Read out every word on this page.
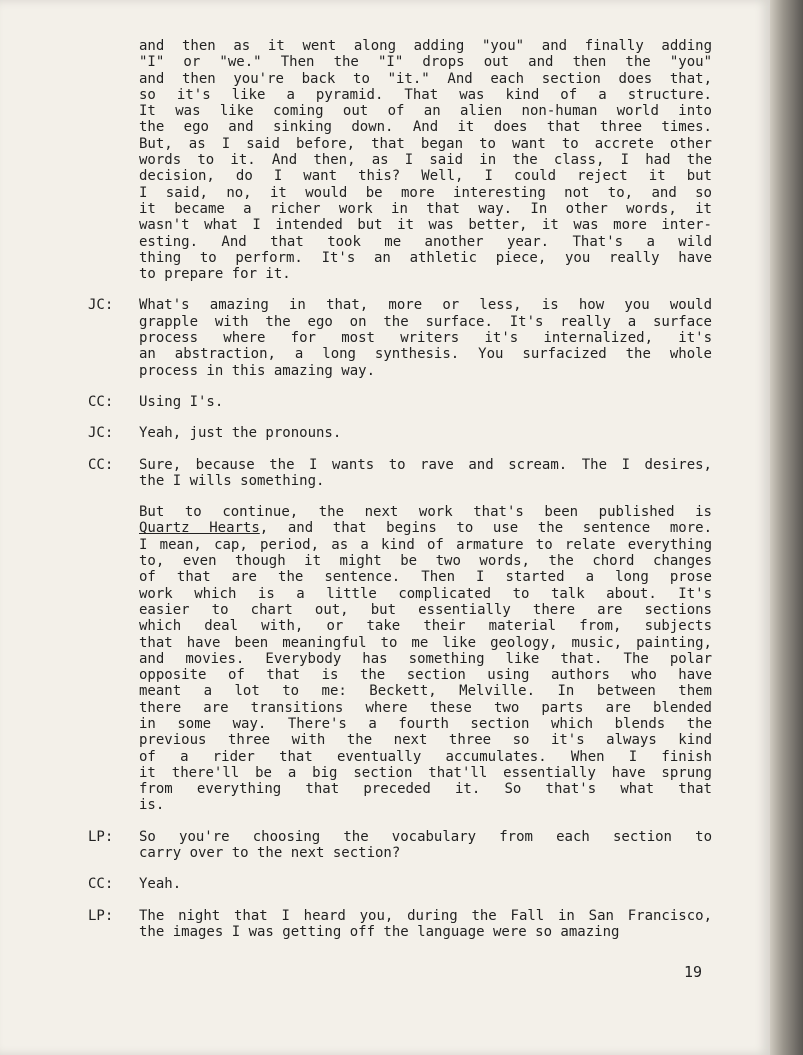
and then as it went along adding "you" and finally adding
"I" or "we." Then the "I" drops out and then the "you"
and then you're back to "it." And each section does that,
so it's like a pyramid. That was kind of a structure.
It was like coming out of an alien non-human world into
the ego and sinking down. And it does that three times.
But, as I said before, that began to want to accrete other
words to it. And then, as I said in the class, I had the
decision, do I want this? Well, I could reject it but
I said, no, it would be more interesting not to, and so
it became a richer work in that way. In other words, it
wasn't what I intended but it was better, it was more inter-
esting. And that took me another year. That's a wild
thing to perform. It's an athletic piece, you really have
to prepare for it.
JC:	What's amazing in that, more or less, is how you would
grapple with the ego on the surface. It's really a surface
process where for most writers it's internalized, it's
an abstraction, a long synthesis. You surfacized the whole
process in this amazing way.
CC:	Using I's.
JC:	Yeah, just the pronouns.
CC:	Sure, because the I wants to rave and scream. The I desires,
the I wills something.
But to continue, the next work that's been published is
Quartz Hearts, and that begins to use the sentence more.
I mean, cap, period, as a kind of armature to relate everything
to, even though it might be two words, the chord changes
of that are the sentence. Then I started a long prose
work which is a little complicated to talk about. It's
easier to chart out, but essentially there are sections
which deal with, or take their material from, subjects
that have been meaningful to me like geology, music, painting,
and movies. Everybody has something like that. The polar
opposite of that is the section using authors who have
meant a lot to me: Beckett, Melville. In between them
there are transitions where these two parts are blended
in some way. There's a fourth section which blends the
previous three with the next three so it's always kind
of a rider that eventually accumulates. When I finish
it there'll be a big section that'll essentially have sprung
from everything that preceded it. So that's what that
is.
LP:	So you're choosing the vocabulary from each section to
carry over to the next section?
CC:	Yeah.
LP:	The night that I heard you, during the Fall in San Francisco,
the images I was getting off the language were so amazing
19
